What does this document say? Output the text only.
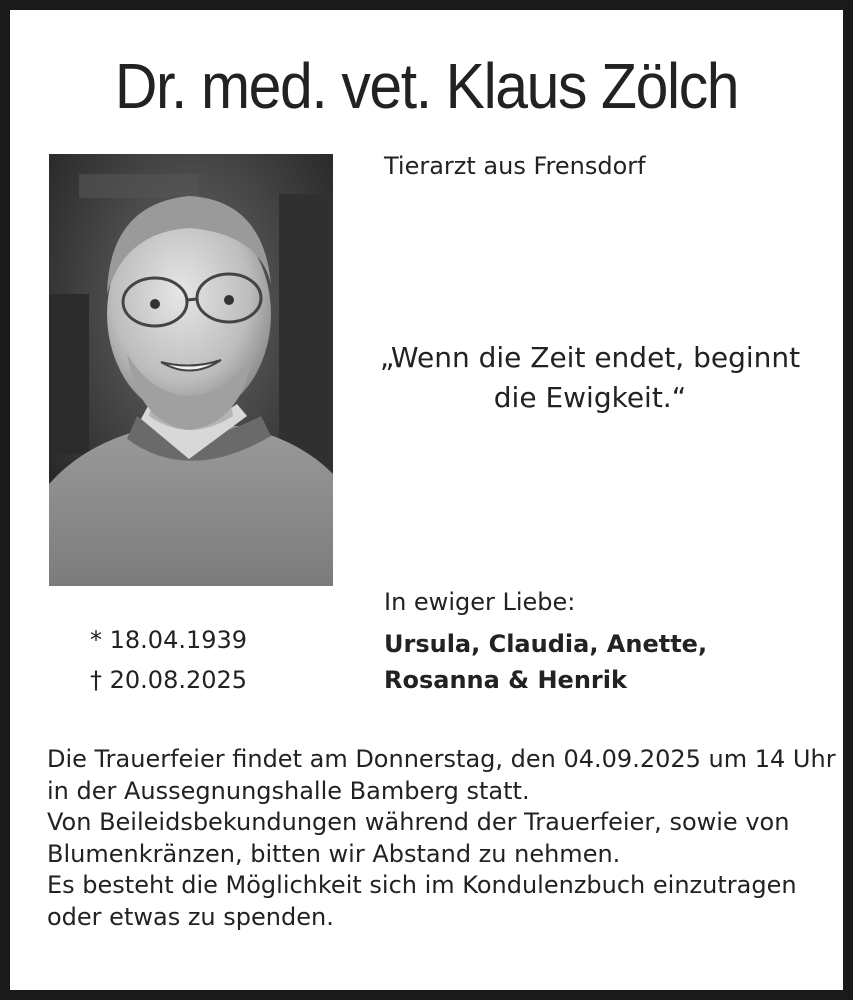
Dr. med. vet. Klaus Zölch
Tierarzt aus Frensdorf
„Wenn die Zeit endet, beginnt
die Ewigkeit.“
* 18.04.1939
† 20.08.2025
In ewiger Liebe:
Ursula, Claudia, Anette,
Rosanna & Henrik
Die Trauerfeier findet am Donnerstag, den 04.09.2025 um 14 Uhr
in der Aussegnungshalle Bamberg statt.
Von Beileidsbekundungen während der Trauerfeier, sowie von
Blumenkränzen, bitten wir Abstand zu nehmen.
Es besteht die Möglichkeit sich im Kondulenzbuch einzutragen
oder etwas zu spenden.
